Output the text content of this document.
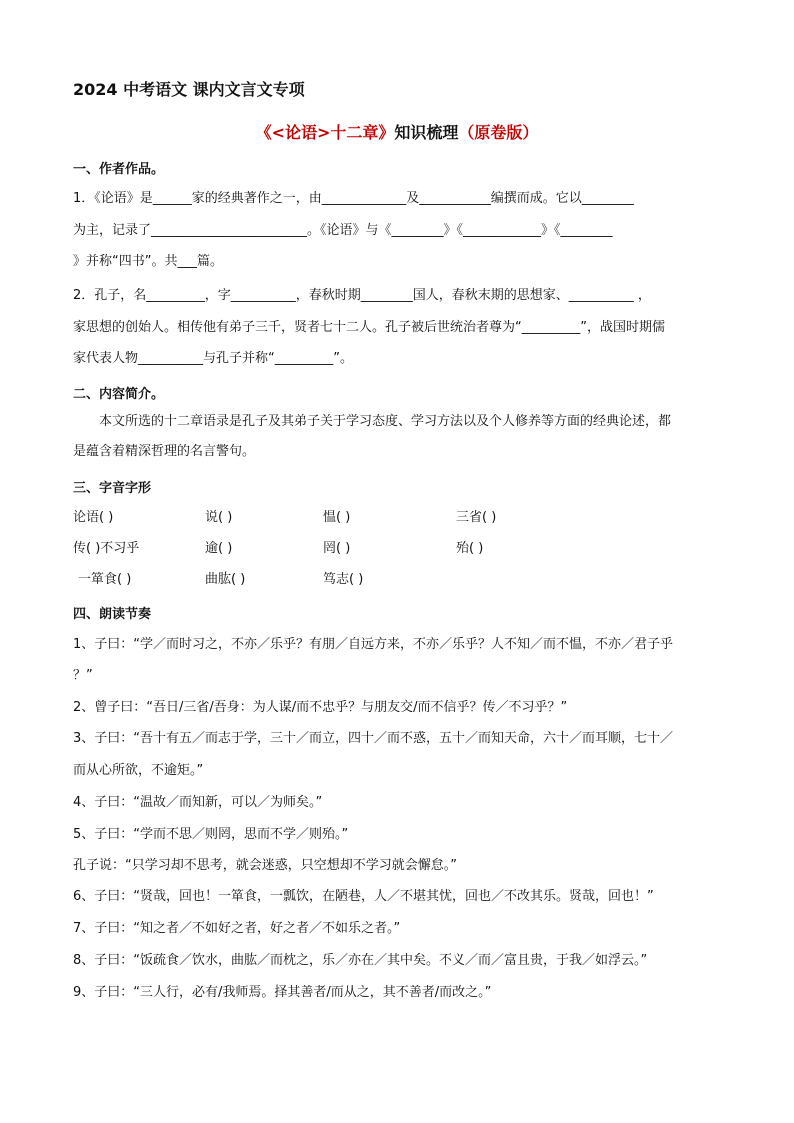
2024 中考语文 课内文言文专项
《<论语>十二章》知识梳理（原卷版）
一、作者作品。
1．《论语》是______家的经典著作之一，由_____________及___________编撰而成。它以________
为主，记录了________________________。《论语》与《________》《____________》《________
》并称“四书”。共___篇。
2．孔子，名_________，字__________，春秋时期________国人，春秋末期的思想家、__________ ，
家思想的创始人。相传他有弟子三千，贤者七十二人。孔子被后世统治者尊为“_________”，战国时期儒
家代表人物__________与孔子并称“_________”。
二、内容简介。
本文所选的十二章语录是孔子及其弟子关于学习态度、学习方法以及个人修养等方面的经典论述，都
是蕴含着精深哲理的名言警句。
三、字音字形
论语( )	说( )	愠( )	三省( )
传( )不习乎	逾( )	罔( )	殆( )
一箪食( )	曲肱( )	笃志( )
四、朗读节奏
1、子曰：“学／而时习之，不亦／乐乎？有朋／自远方来，不亦／乐乎？人不知／而不愠，不亦／君子乎
？”
2、曾子曰：“吾日/三省/吾身：为人谋/而不忠乎？与朋友交/而不信乎？传／不习乎？”
3、子曰：“吾十有五／而志于学，三十／而立，四十／而不惑，五十／而知天命，六十／而耳顺，七十／
而从心所欲，不逾矩。”
4、子曰：“温故／而知新，可以／为师矣。”
5、子曰：“学而不思／则罔，思而不学／则殆。”
孔子说：“只学习却不思考，就会迷惑，只空想却不学习就会懈怠。”
6、子曰：“贤哉，回也！一箪食，一瓢饮，在陋巷，人／不堪其忧，回也／不改其乐。贤哉，回也！”
7、子曰：“知之者／不如好之者，好之者／不如乐之者。”
8、子曰：“饭疏食／饮水，曲肱／而枕之，乐／亦在／其中矣。不义／而／富且贵，于我／如浮云。”
9、子曰：“三人行，必有/我师焉。择其善者/而从之，其不善者/而改之。”
